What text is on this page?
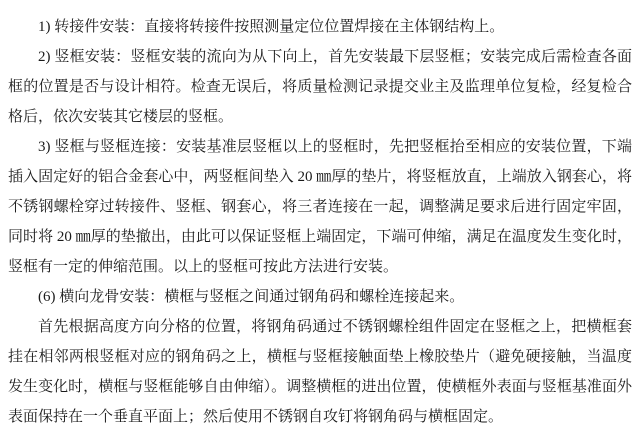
1) 转接件安装：直接将转接件按照测量定位位置焊接在主体钢结构上。

2) 竖框安装：竖框安装的流向为从下向上，首先安装最下层竖框；安装完成后需检查各面框的位置是否与设计相符。检查无误后，将质量检测记录提交业主及监理单位复检，经复检合格后，依次安装其它楼层的竖框。

3) 竖框与竖框连接：安装基准层竖框以上的竖框时，先把竖框抬至相应的安装位置，下端插入固定好的铝合金套心中，两竖框间垫入 20 ㎜厚的垫片，将竖框放直，上端放入钢套心，将不锈钢螺栓穿过转接件、竖框、钢套心，将三者连接在一起，调整满足要求后进行固定牢固，同时将 20 ㎜厚的垫撤出，由此可以保证竖框上端固定，下端可伸缩，满足在温度发生变化时，竖框有一定的伸缩范围。以上的竖框可按此方法进行安装。

(6) 横向龙骨安装：横框与竖框之间通过钢角码和螺栓连接起来。

首先根据高度方向分格的位置，将钢角码通过不锈钢螺栓组件固定在竖框之上，把横框套挂在相邻两根竖框对应的钢角码之上，横框与竖框接触面垫上橡胶垫片（避免硬接触，当温度发生变化时，横框与竖框能够自由伸缩）。调整横框的进出位置，使横框外表面与竖框基准面外表面保持在一个垂直平面上；然后使用不锈钢自攻钉将钢角码与横框固定。
